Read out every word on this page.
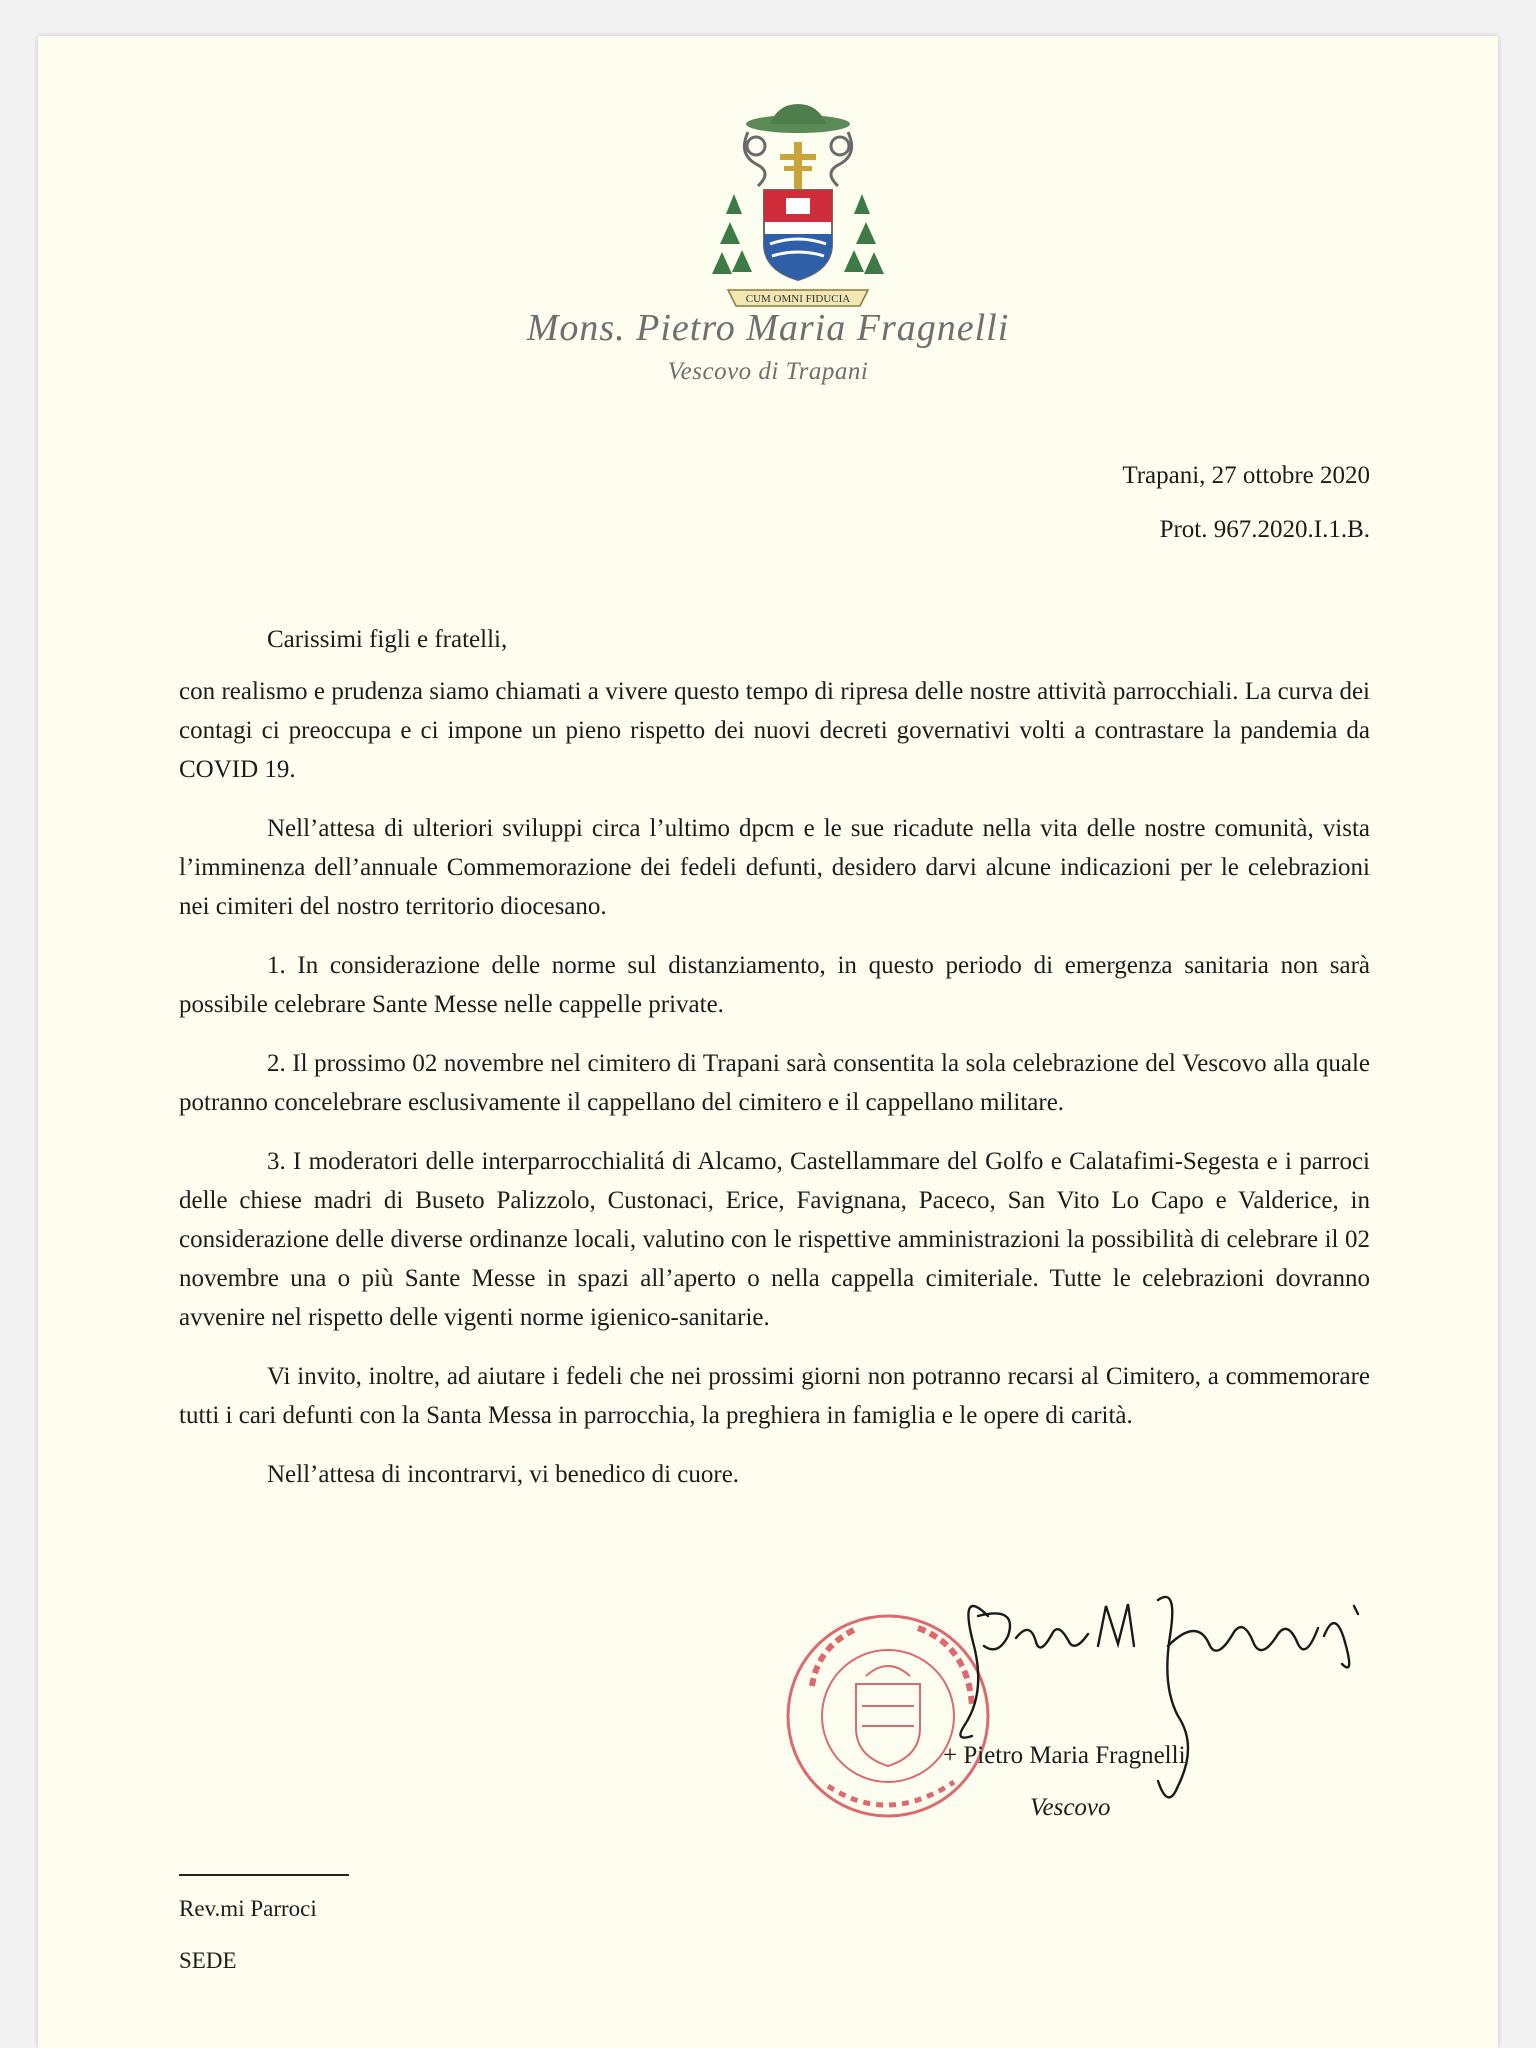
CUM OMNI FIDUCIA
Mons. Pietro Maria Fragnelli
Vescovo di Trapani
Trapani, 27 ottobre 2020
Prot. 967.2020.I.1.B.
Carissimi figli e fratelli,

con realismo e prudenza siamo chiamati a vivere questo tempo di ripresa delle nostre attività parrocchiali. La curva dei contagi ci preoccupa e ci impone un pieno rispetto dei nuovi decreti governativi volti a contrastare la pandemia da COVID 19.

Nell’attesa di ulteriori sviluppi circa l’ultimo dpcm e le sue ricadute nella vita delle nostre comunità, vista l’imminenza dell’annuale Commemorazione dei fedeli defunti, desidero darvi alcune indicazioni per le celebrazioni nei cimiteri del nostro territorio diocesano.

1. In considerazione delle norme sul distanziamento, in questo periodo di emergenza sanitaria non sarà possibile celebrare Sante Messe nelle cappelle private.

2. Il prossimo 02 novembre nel cimitero di Trapani sarà consentita la sola celebrazione del Vescovo alla quale potranno concelebrare esclusivamente il cappellano del cimitero e il cappellano militare.

3. I moderatori delle interparrocchialitá di Alcamo, Castellammare del Golfo e Calatafimi-Segesta e i parroci delle chiese madri di Buseto Palizzolo, Custonaci, Erice, Favignana, Paceco, San Vito Lo Capo e Valderice, in considerazione delle diverse ordinanze locali, valutino con le rispettive amministrazioni la possibilità di celebrare il 02 novembre una o più Sante Messe in spazi all’aperto o nella cappella cimiteriale. Tutte le celebrazioni dovranno avvenire nel rispetto delle vigenti norme igienico-sanitarie.

Vi invito, inoltre, ad aiutare i fedeli che nei prossimi giorni non potranno recarsi al Cimitero, a commemorare tutti i cari defunti con la Santa Messa in parrocchia, la preghiera in famiglia e le opere di carità.

Nell’attesa di incontrarvi, vi benedico di cuore.

+ Pietro Maria Fragnelli
Vescovo
Rev.mi Parroci
SEDE
